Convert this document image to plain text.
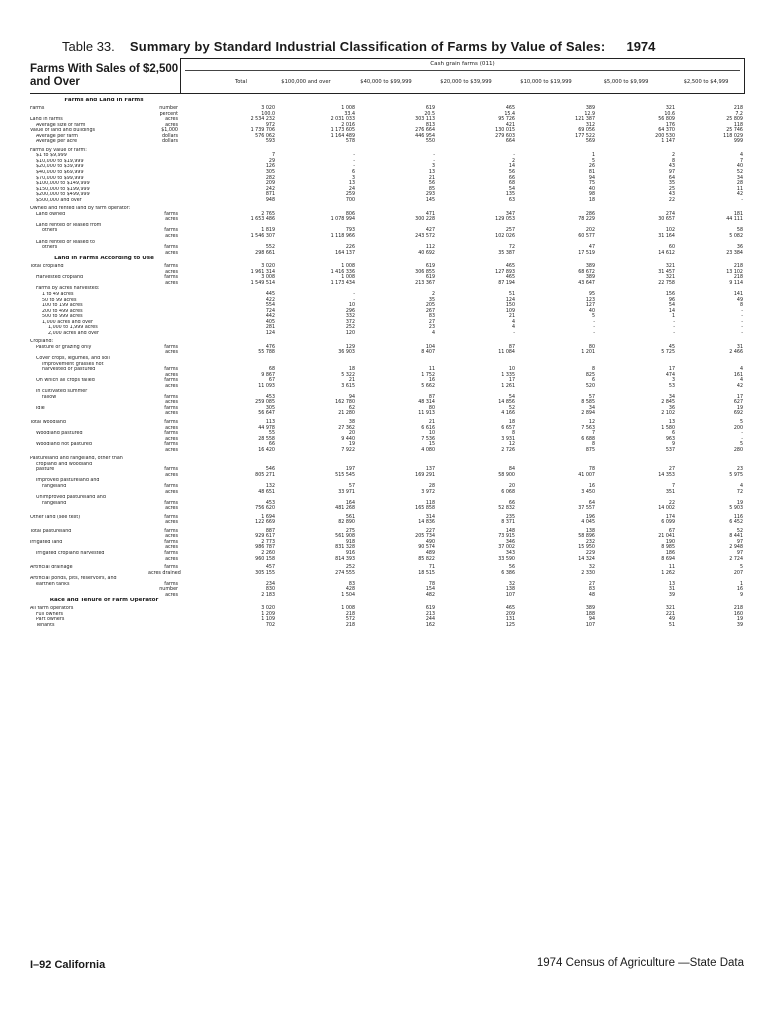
Table 33. Summary by Standard Industrial Classification of Farms by Value of Sales: 1974
Farms With Sales of $2,500 and Over
Cash grain farms (011)
Total	$100,000 and over	$40,000 to $99,999	$20,000 to $39,999	$10,000 to $19,999	$5,000 to $9,999	$2,500 to $4,999
Farms and Land in Farms
Farms	number	3 020	1 008	619	465	389	321	218
percent	100.0	33.4	20.5	15.4	12.9	10.6	7.2
Land in farms	acres	2 534 232	2 031 033	303 113	95 726	121 387	56 809	25 809
Average size of farm	acres	972	2 016	813	421	312	176	118
Value of land and buildings	$1,000	1 739 706	1 173 605	276 664	130 015	69 056	64 370	25 746
Average per farm	dollars	576 062	1 164 489	446 954	279 603	177 522	200 530	118 029
Average per acre	dollars	593	578	550	664	569	1 147	999
Farms by value of farm:
$1 to $9,999	7	-	-	-	1	2	4
$10,000 to $19,999	29	-	-	2	5	8	7
$20,000 to $39,999	126	-	3	14	26	43	40
$40,000 to $69,999	305	6	13	56	81	97	52
$70,000 to $99,999	282	3	21	66	94	64	34
$100,000 to $149,999	209	13	56	68	75	35	28
$150,000 to $199,999	242	24	85	54	40	25	11
$200,000 to $499,999	871	259	293	135	98	43	42
$500,000 and over	948	700	145	63	18	22	-
Owned and rented land by farm operator:
Land owned	farms	2 765	806	471	347	286	274	181
acres	1 653 486	1 078 994	300 228	129 053	78 229	30 657	44 111
Land rented or leased from
others	farms	1 819	793	427	257	202	102	58
acres	1 546 307	1 118 966	243 572	102 026	60 577	31 164	5 082
Land rented or leased to
others	farms	552	226	112	72	47	60	36
acres	298 661	164 137	40 692	35 387	17 519	14 612	23 384
Land in Farms According to Use
Total cropland	farms	3 020	1 008	619	465	389	321	218
acres	1 961 314	1 416 336	306 855	127 893	68 672	31 457	13 102
Harvested cropland	farms	3 008	1 008	619	465	389	321	218
acres	1 549 514	1 173 434	213 367	87 194	43 647	22 758	9 114
Farms by acres harvested:
1 to 49 acres	445	-	2	51	95	156	141
50 to 99 acres	422	-	35	124	123	96	49
100 to 199 acres	554	10	205	150	127	54	8
200 to 499 acres	724	296	267	109	40	14	-
500 to 999 acres	442	332	83	21	5	1	-
1,000 acres and over	405	372	27	4	-	-	-
1,000 to 1,999 acres	281	252	23	4	-	-	-
2,000 acres and over	124	120	4	-	-	-	-
Cropland:
Pasture or grazing only	farms	476	129	104	87	80	45	31
acres	55 788	36 903	8 407	11 084	1 201	5 725	2 466
Cover crops, legumes, and soil
improvement grasses not
harvested or pastured	farms	68	18	11	10	8	17	4
acres	9 867	5 322	1 752	1 335	825	474	161
On which all crops failed	farms	67	21	16	17	6	3	4
acres	11 093	3 615	5 662	1 261	520	53	42
In cultivated summer
fallow	farms	453	94	87	54	57	34	17
acres	259 085	162 780	48 314	14 856	8 585	2 845	627
Idle	farms	305	62	80	52	34	36	19
acres	56 647	21 280	11 913	4 166	2 894	2 102	692
Total woodland	farms	113	38	21	18	12	13	5
acres	44 978	27 362	6 616	6 657	7 563	1 580	200
Woodland pastured	farms	55	20	10	8	7	6	-
acres	28 558	9 440	7 536	3 931	6 688	963	-
Woodland not pastured	farms	66	19	15	12	8	9	5
acres	16 420	7 922	4 080	2 726	875	537	280
Pastureland and rangeland, other than
cropland and woodland
pasture	farms	546	197	137	84	78	27	23
acres	805 271	515 545	169 291	58 900	41 007	14 353	5 975
Improved pastureland and
rangeland	farms	132	57	28	20	16	7	4
acres	48 651	33 971	3 972	6 068	3 450	351	72
Unimproved pastureland and
rangeland	farms	453	164	118	66	64	22	19
acres	756 620	481 268	165 858	52 832	37 557	14 002	5 903
Other land (see text)	farms	1 694	561	314	235	196	174	116
acres	122 669	82 890	14 836	8 371	4 045	6 099	6 452
Total pastureland	farms	887	275	227	148	138	67	52
acres	929 617	561 908	205 734	73 915	58 896	21 041	8 441
Irrigated land	farms	2 773	918	490	346	232	190	97
acres	986 787	831 328	90 574	37 002	15 950	8 985	2 948
Irrigated cropland harvested	farms	2 260	916	489	343	229	186	97
acres	960 158	814 393	85 822	33 590	14 324	8 694	2 724
Artificial drainage	farms	457	252	71	56	32	11	5
acres drained	305 155	274 555	18 515	6 386	2 330	1 262	207
Artificial ponds, pits, reservoirs, and
earthen tanks	farms	234	83	78	32	27	13	1
number	830	428	154	138	83	31	16
acres	2 183	1 504	482	107	48	39	9
Race and Tenure of Farm Operator
All farm operators	3 020	1 008	619	465	389	321	218
Full owners	1 209	218	213	209	188	221	160
Part owners	1 109	572	244	131	94	49	19
Tenants	702	218	162	125	107	51	39
I–92 California	1974 Census of Agriculture —State Data
